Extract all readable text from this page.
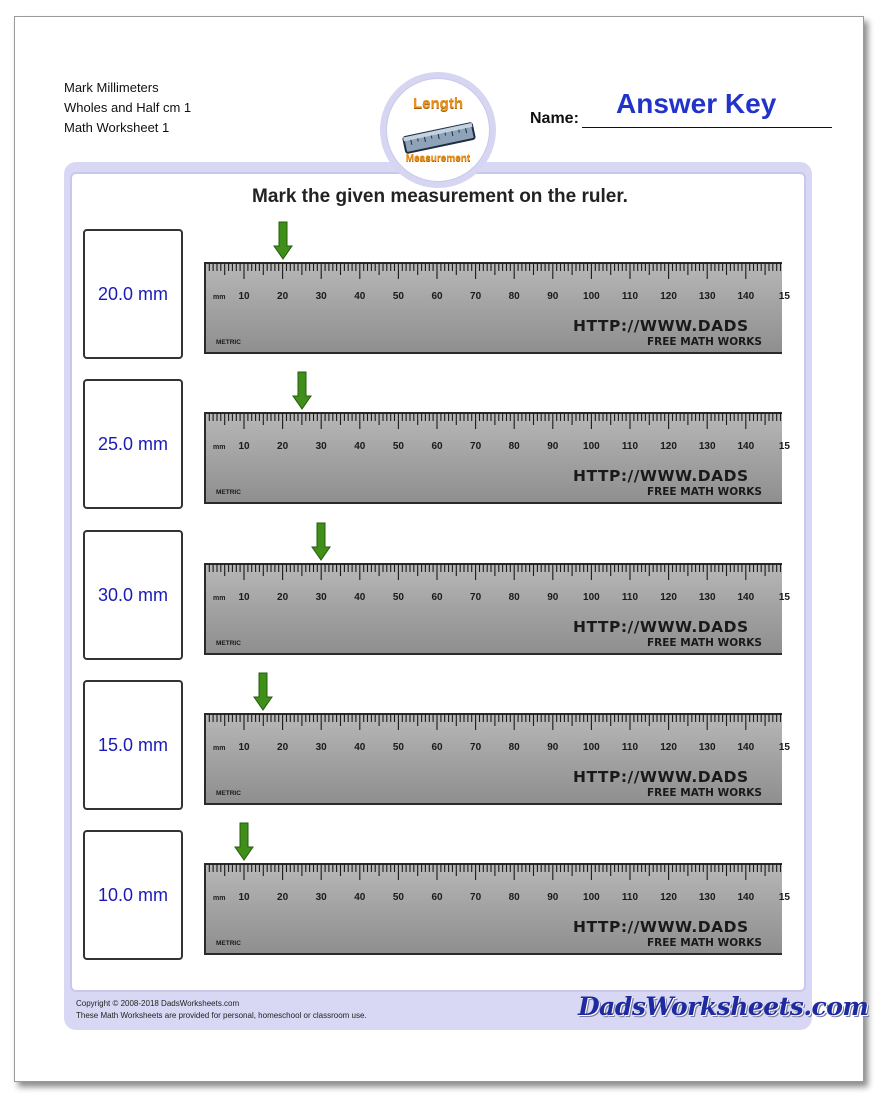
Mark Millimeters
Wholes and Half cm 1
Math Worksheet 1
Name: Answer Key
Length
Measurement
Mark the given measurement on the ruler.
20.0 mm	mm 10	20	30	40	50	60	70	80	90 100 110 120 130 140 15
HTTP://WWW.DADS
FREE MATH WORKS
METRIC
25.0 mm	mm 10	20	30	40	50	60	70	80	90 100 110 120 130 140 15
HTTP://WWW.DADS
FREE MATH WORKS
METRIC
30.0 mm	mm 10	20	30	40	50	60	70	80	90 100 110 120 130 140 15
HTTP://WWW.DADS
FREE MATH WORKS
METRIC
15.0 mm	mm 10	20	30	40	50	60	70	80	90 100 110 120 130 140 15
HTTP://WWW.DADS
FREE MATH WORKS
METRIC
10.0 mm	mm 10	20	30	40	50	60	70	80	90 100 110 120 130 140 15
HTTP://WWW.DADS
FREE MATH WORKS
METRIC
Copyright © 2008-2018 DadsWorksheets.com
These Math Worksheets are provided for personal, homeschool or classroom use.	DadsWorksheets.com
